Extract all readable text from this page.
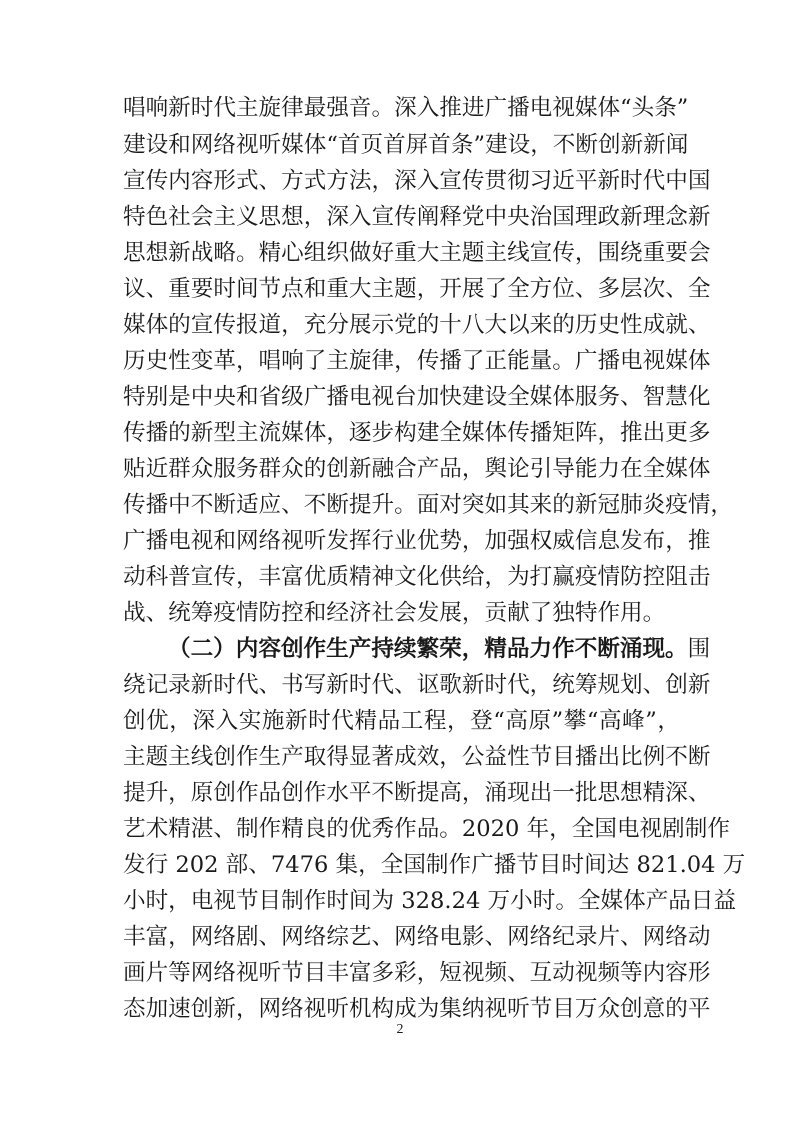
唱响新时代主旋律最强音。深入推进广播电视媒体“头条”
建设和网络视听媒体“首页首屏首条”建设，不断创新新闻
宣传内容形式、方式方法，深入宣传贯彻习近平新时代中国
特色社会主义思想，深入宣传阐释党中央治国理政新理念新
思想新战略。精心组织做好重大主题主线宣传，围绕重要会
议、重要时间节点和重大主题，开展了全方位、多层次、全
媒体的宣传报道，充分展示党的十八大以来的历史性成就、
历史性变革，唱响了主旋律，传播了正能量。广播电视媒体
特别是中央和省级广播电视台加快建设全媒体服务、智慧化
传播的新型主流媒体，逐步构建全媒体传播矩阵，推出更多
贴近群众服务群众的创新融合产品，舆论引导能力在全媒体
传播中不断适应、不断提升。面对突如其来的新冠肺炎疫情，
广播电视和网络视听发挥行业优势，加强权威信息发布，推
动科普宣传，丰富优质精神文化供给，为打赢疫情防控阻击
战、统筹疫情防控和经济社会发展，贡献了独特作用。
（二）内容创作生产持续繁荣，精品力作不断涌现。围
绕记录新时代、书写新时代、讴歌新时代，统筹规划、创新
创优，深入实施新时代精品工程，登“高原”攀“高峰”，
主题主线创作生产取得显著成效，公益性节目播出比例不断
提升，原创作品创作水平不断提高，涌现出一批思想精深、
艺术精湛、制作精良的优秀作品。2020 年，全国电视剧制作
发行 202 部、7476 集，全国制作广播节目时间达 821.04 万
小时，电视节目制作时间为 328.24 万小时。全媒体产品日益
丰富，网络剧、网络综艺、网络电影、网络纪录片、网络动
画片等网络视听节目丰富多彩，短视频、互动视频等内容形
态加速创新，网络视听机构成为集纳视听节目万众创意的平
2
